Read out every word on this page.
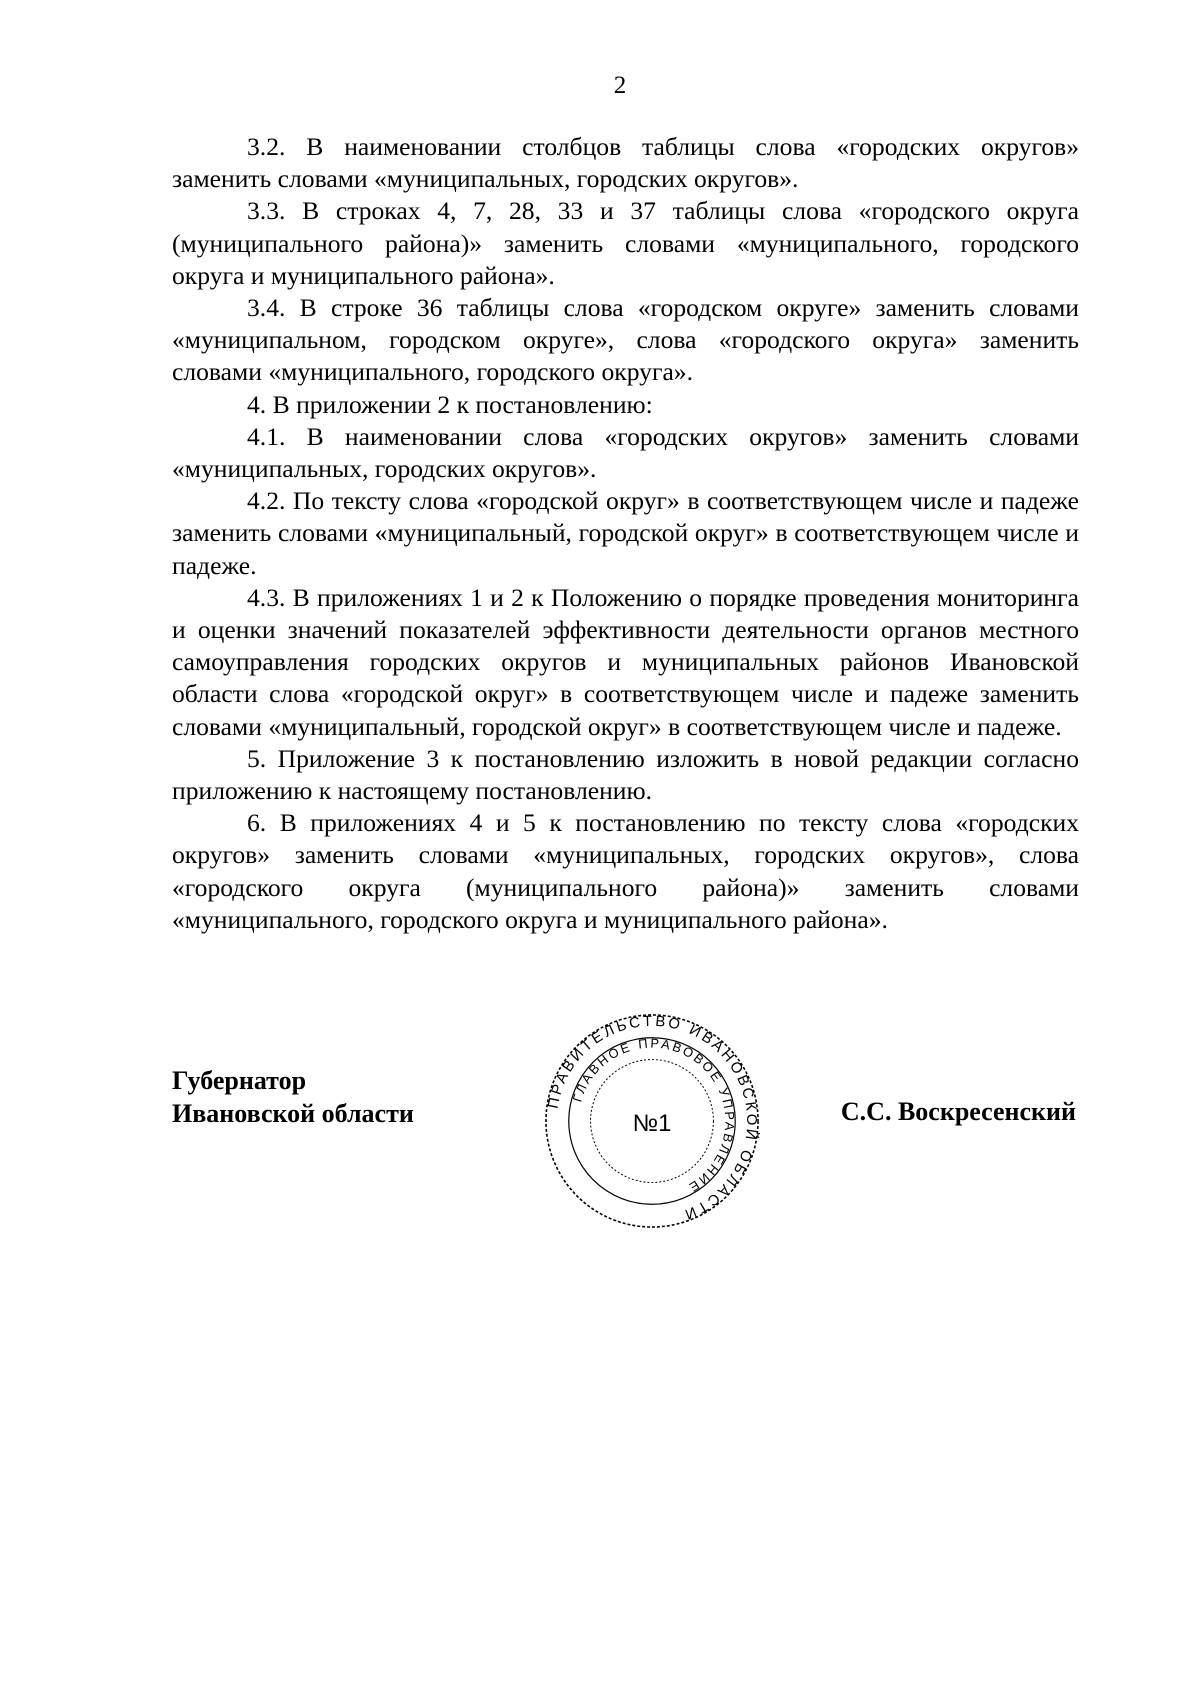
2

3.2. В наименовании столбцов таблицы слова «городских округов» заменить словами «муниципальных, городских округов».

3.3. В строках 4, 7, 28, 33 и 37 таблицы слова «городского округа (муниципального района)» заменить словами «муниципального, городского округа и муниципального района».

3.4. В строке 36 таблицы слова «городском округе» заменить словами «муниципальном, городском округе», слова «городского округа» заменить словами «муниципального, городского округа».

4. В приложении 2 к постановлению:

4.1. В наименовании слова «городских округов» заменить словами «муниципальных, городских округов».

4.2. По тексту слова «городской округ» в соответствующем числе и падеже заменить словами «муниципальный, городской округ» в соответствующем числе и падеже.

4.3. В приложениях 1 и 2 к Положению о порядке проведения мониторинга и оценки значений показателей эффективности деятельности органов местного самоуправления городских округов и муниципальных районов Ивановской области слова «городской округ» в соответствующем числе и падеже заменить словами «муниципальный, городской округ» в соответствующем числе и падеже.

5. Приложение 3 к постановлению изложить в новой редакции согласно приложению к настоящему постановлению.

6. В приложениях 4 и 5 к постановлению по тексту слова «городских округов» заменить словами «муниципальных, городских округов», слова «городского округа (муниципального района)» заменить словами «муниципального, городского округа и муниципального района».

Губернатор
Ивановской области	ПРАВИТЕЛЬСТВО ИВАНОВСКОЙ ОБЛАСТИ
ГЛАВНОЕ ПРАВОВОЕ УПРАВЛЕНИЕ
№1	С.С. Воскресенский
